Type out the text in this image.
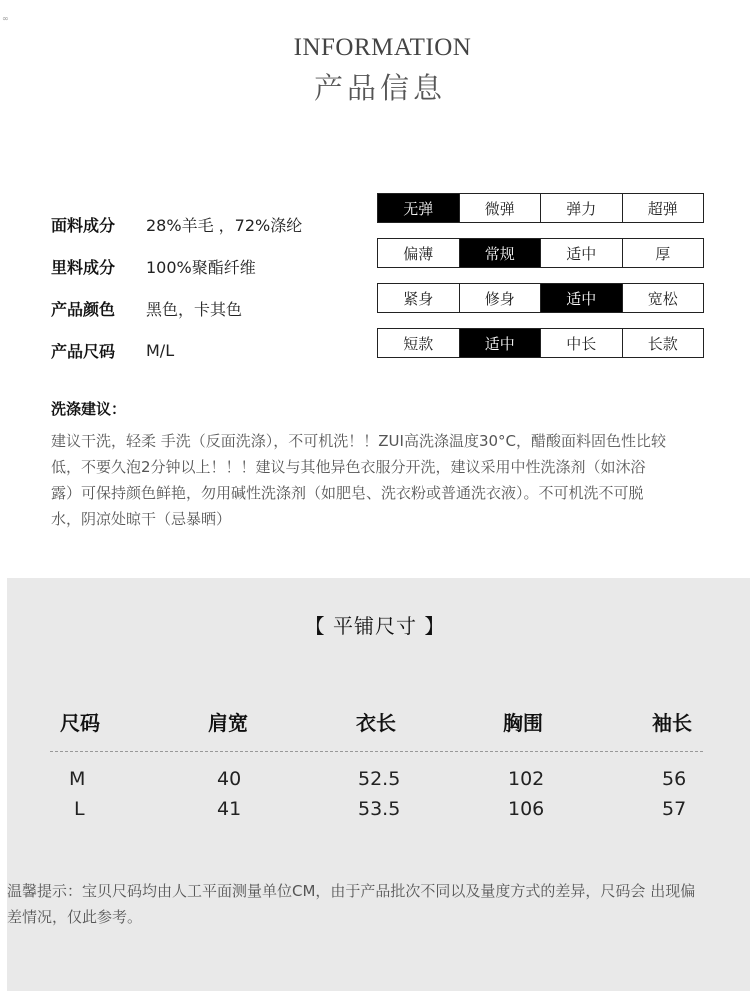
∞
INFORMATION
产品信息
面料成分	28%羊毛 ，72%涤纶
里料成分	100%聚酯纤维
产品颜色	黑色，卡其色
产品尺码	M/L
无弹	微弹	弹力	超弹
偏薄	常规	适中	厚
紧身	修身	适中	宽松
短款	适中	中长	长款
洗涤建议：
建议干洗，轻柔 手洗（反面洗涤），不可机洗！！ZUI高洗涤温度30°C，醋酸面料固色性比较
低，不要久泡2分钟以上！！！建议与其他异色衣服分开洗，建议采用中性洗涤剂（如沐浴
露）可保持颜色鲜艳，勿用碱性洗涤剂（如肥皂、洗衣粉或普通洗衣液）。不可机洗不可脱
水，阴凉处晾干（忌暴晒）
【 平铺尺寸 】
尺码	肩宽	衣长	胸围	袖长
M	40	52.5	102	56
L	41	53.5	106	57
温馨提示：宝贝尺码均由人工平面测量单位CM，由于产品批次不同以及量度方式的差异，尺码会 出现偏
差情况，仅此参考。
